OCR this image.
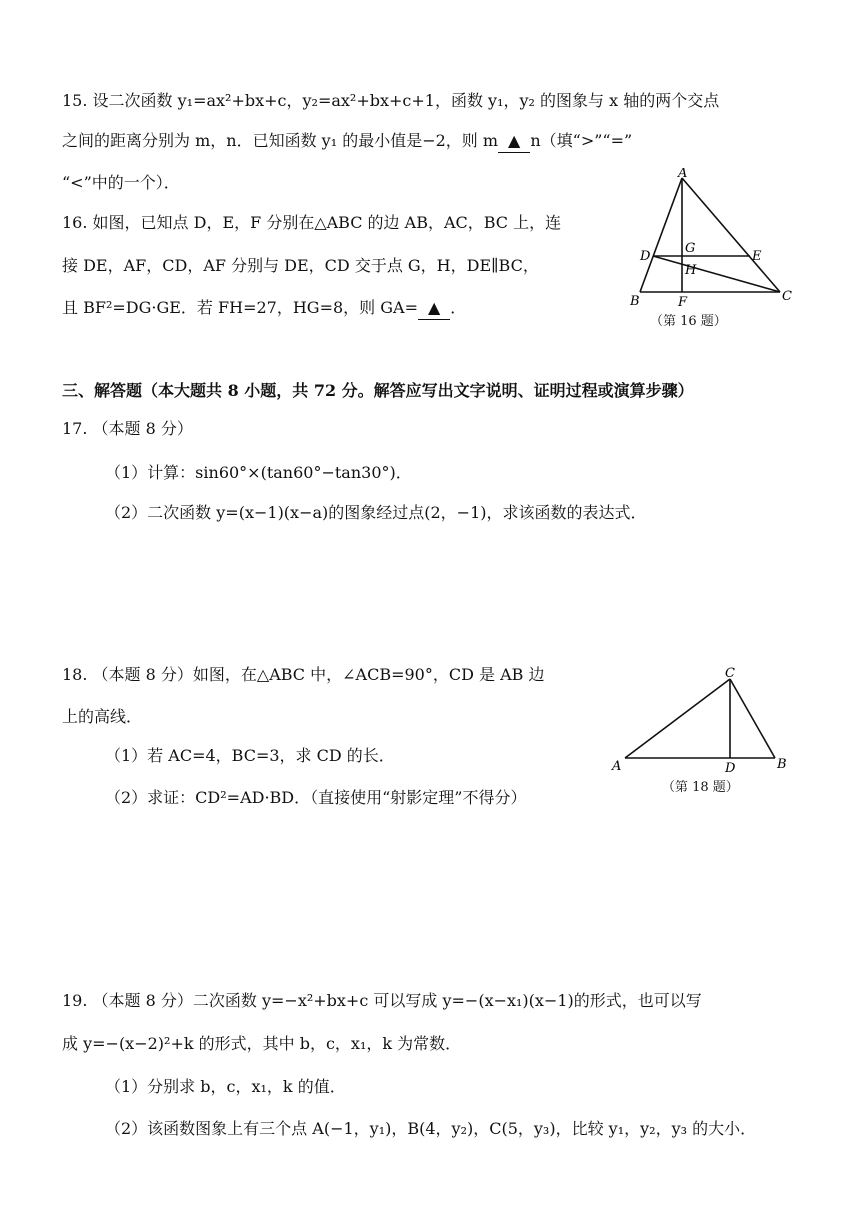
15. 设二次函数 y₁=ax²+bx+c，y₂=ax²+bx+c+1，函数 y₁，y₂ 的图象与 x 轴的两个交点
之间的距离分别为 m，n．已知函数 y₁ 的最小值是−2，则 m ▲ n（填“>”“=”
“<”中的一个）．
16. 如图，已知点 D，E，F 分别在△ABC 的边 AB，AC，BC 上，连
接 DE，AF，CD，AF 分别与 DE，CD 交于点 G，H，DE∥BC，
且 BF²=DG·GE．若 FH=27，HG=8，则 GA= ▲ ．
A
B	C
D	E
F
G
H
（第 16 题）
三、解答题（本大题共 8 小题，共 72 分。解答应写出文字说明、证明过程或演算步骤）
17. （本题 8 分）
（1）计算：sin60°×(tan60°−tan30°)．
（2）二次函数 y=(x−1)(x−a)的图象经过点(2，−1)，求该函数的表达式．
18. （本题 8 分）如图，在△ABC 中，∠ACB=90°，CD 是 AB 边
上的高线．
（1）若 AC=4，BC=3，求 CD 的长．
（2）求证：CD²=AD·BD．（直接使用“射影定理”不得分）
C
A	B
D
（第 18 题）
19. （本题 8 分）二次函数 y=−x²+bx+c 可以写成 y=−(x−x₁)(x−1)的形式，也可以写
成 y=−(x−2)²+k 的形式，其中 b，c，x₁，k 为常数．
（1）分别求 b，c，x₁，k 的值．
（2）该函数图象上有三个点 A(−1，y₁)，B(4，y₂)，C(5，y₃)，比较 y₁，y₂，y₃ 的大小．
